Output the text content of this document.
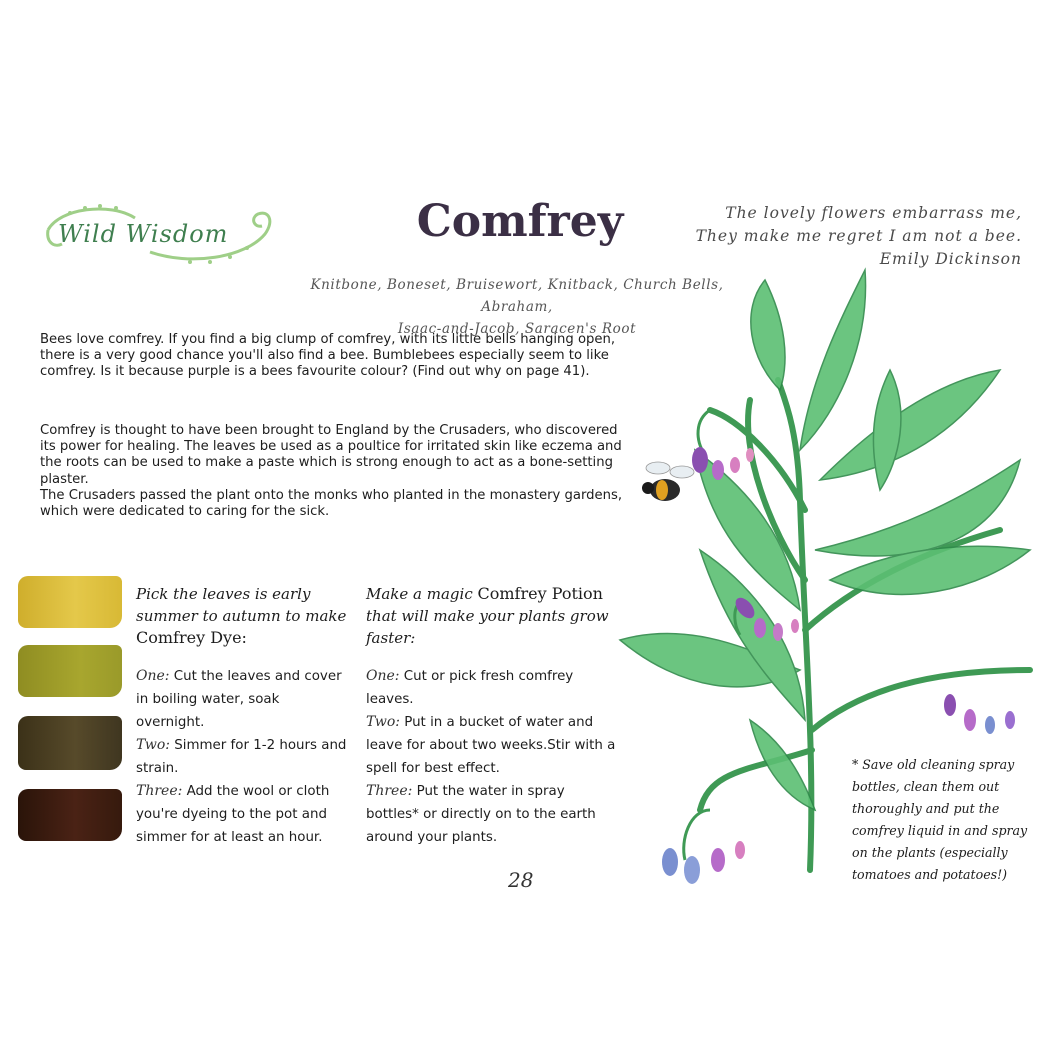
Wild Wisdom	Comfrey	The lovely flowers embarrass me,
They make me regret I am not a bee.
Emily Dickinson
Knitbone, Boneset, Bruisewort, Knitback, Church Bells, Abraham,
Isaac-and-Jacob, Saracen's Root
Bees love comfrey. If you find a big clump of comfrey, with its little bells hanging open, there is a very good chance you'll also find a bee. Bumblebees especially seem to like comfrey. Is it because purple is a bees favourite colour? (Find out why on page 41).
Comfrey is thought to have been brought to England by the Crusaders, who discovered its power for healing. The leaves be used as a poultice for irritated skin like eczema and the roots can be used to make a paste which is strong enough to act as a bone-setting plaster.
The Crusaders passed the plant onto the monks who planted in the monastery gardens, which were dedicated to caring for the sick.
Pick the leaves is early summer to autumn to make Comfrey Dye:
One: Cut the leaves and cover in boiling water, soak overnight.
Two: Simmer for 1-2 hours and strain.
Three: Add the wool or cloth you're dyeing to the pot and simmer for at least an hour.
Make a magic Comfrey Potion that will make your plants grow faster:
One: Cut or pick fresh comfrey leaves.
Two: Put in a bucket of water and leave for about two weeks.Stir with a spell for best effect.
Three: Put the water in spray bottles* or directly on to the earth around your plants.
28
* Save old cleaning spray bottles, clean them out thoroughly and put the comfrey liquid in and spray on the plants (especially tomatoes and potatoes!)
